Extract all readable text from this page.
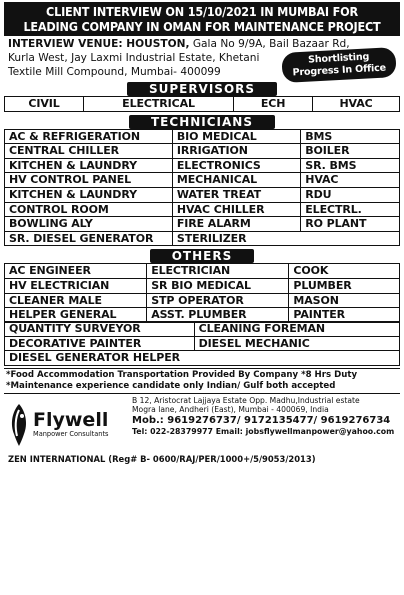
CLIENT INTERVIEW ON 15/10/2021 IN MUMBAI FOR
LEADING COMPANY IN OMAN FOR MAINTENANCE PROJECT
INTERVIEW VENUE: HOUSTON, Gala No 9/9A, Bail Bazaar Rd,
Kurla West, Jay Laxmi Industrial Estate, Khetani
Textile Mill Compound, Mumbai- 400099
Shortlisting
Progress In Office
SUPERVISORS
CIVIL	ELECTRICAL	ECH	HVAC
TECHNICIANS
AC & REFRIGERATION	BIO MEDICAL	BMS
CENTRAL CHILLER	IRRIGATION	BOILER
KITCHEN & LAUNDRY	ELECTRONICS	SR. BMS
HV CONTROL PANEL	MECHANICAL	HVAC
KITCHEN & LAUNDRY	WATER TREAT	RDU
CONTROL ROOM	HVAC CHILLER	ELECTRL.
BOWLING ALY	FIRE ALARM	RO PLANT
SR. DIESEL GENERATOR	STERILIZER	
OTHERS
AC ENGINEER	ELECTRICIAN	COOK
HV ELECTRICIAN	SR BIO MEDICAL	PLUMBER
CLEANER MALE	STP OPERATOR	MASON
HELPER GENERAL	ASST. PLUMBER	PAINTER
QUANTITY SURVEYOR	CLEANING FOREMAN
DECORATIVE PAINTER	DIESEL MECHANIC
DIESEL GENERATOR HELPER	
*Food Accommodation Transportation Provided By Company *8 Hrs Duty
*Maintenance experience candidate only Indian/ Gulf both accepted
Flywell
Manpower Consultants
B 12, Aristocrat Lajjaya Estate Opp. Madhu,Industrial estate
Mogra lane, Andheri (East), Mumbai - 400069, India
Mob.: 9619276737/ 9172135477/ 9619276734
Tel: 022-28379977 Email: jobsflywellmanpower@yahoo.com
ZEN INTERNATIONAL (Reg# B- 0600/RAJ/PER/1000+/5/9053/2013)
